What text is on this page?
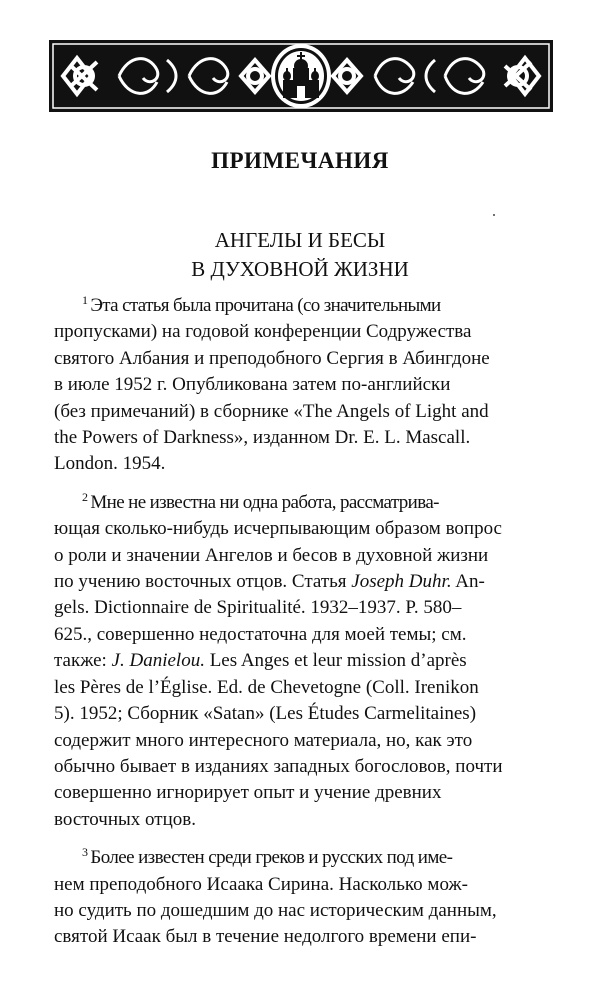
ПРИМЕЧАНИЯ
АНГЕЛЫ И БЕСЫ
В ДУХОВНОЙ ЖИЗНИ

$^1$ Эта статья была прочитана (со значительными
пропусками) на годовой конференции Содружества
святого Албания и преподобного Сергия в Абингдоне
в июле 1952 г. Опубликована затем по-английски
(без примечаний) в сборнике «The Angels of Light and
the Powers of Darkness», изданном Dr. E. L. Mascall.
London. 1954.

$^2$ Мне не известна ни одна работа, рассматрива-
ющая сколько-нибудь исчерпывающим образом вопрос
о роли и значении Ангелов и бесов в духовной жизни
по учению восточных отцов. Статья Joseph Duhr. An-
gels. Dictionnaire de Spiritualité. 1932–1937. P. 580–
625., совершенно недостаточна для моей темы; см.
также: J. Danielou. Les Anges et leur mission d’après
les Pères de l’Église. Ed. de Chevetogne (Coll. Irenikon
5). 1952; Сборник «Satan» (Les Études Carmelitaines)
содержит много интересного материала, но, как это
обычно бывает в изданиях западных богословов, почти
совершенно игнорирует опыт и учение древних
восточных отцов.

$^3$ Более известен среди греков и русских под име-
нем преподобного Исаака Сирина. Насколько мож-
но судить по дошедшим до нас историческим данным,
святой Исаак был в течение недолгого времени епи-
